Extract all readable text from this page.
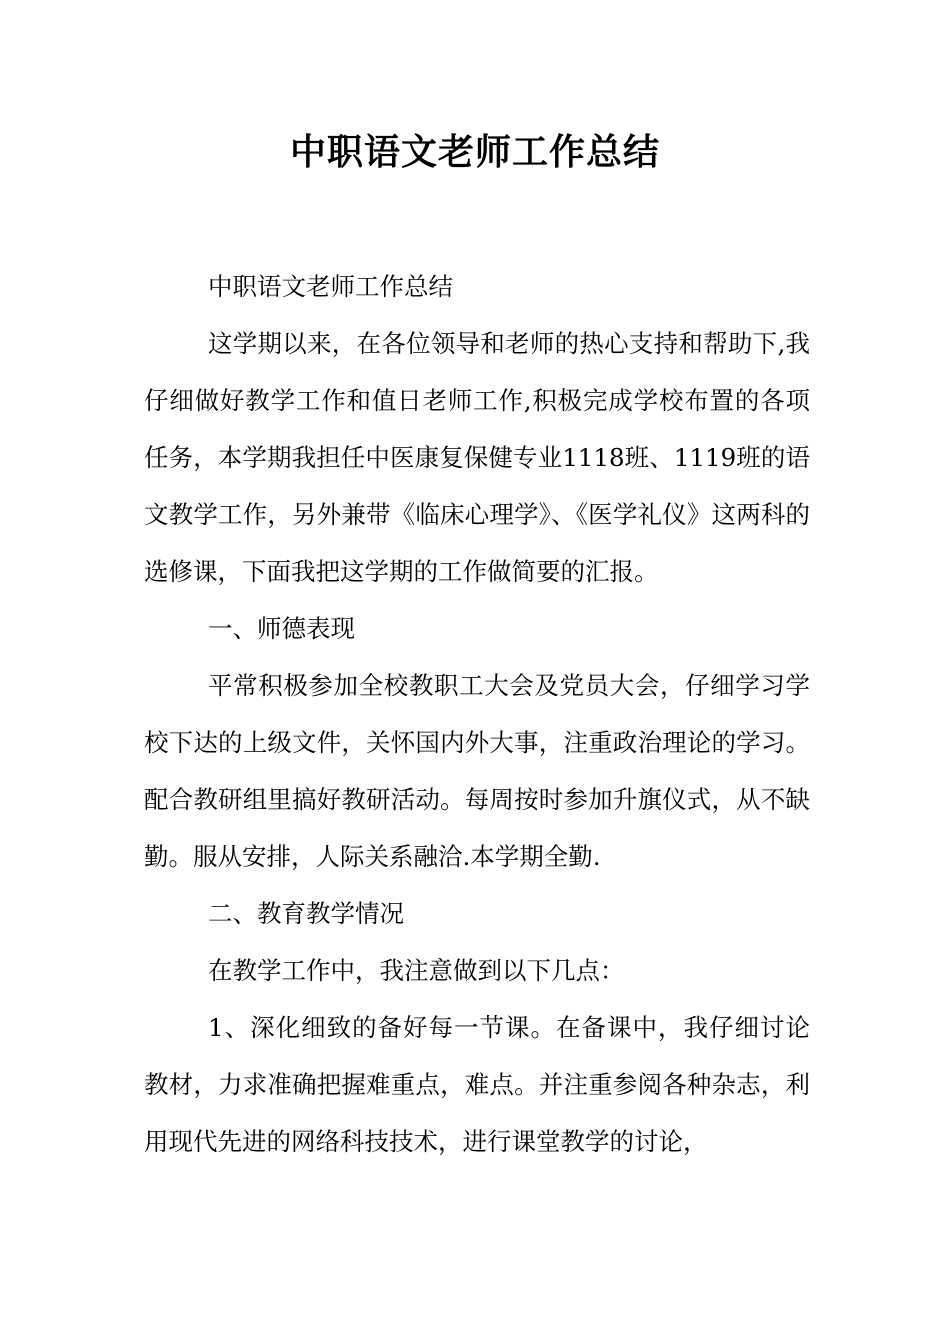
中职语文老师工作总结

中职语文老师工作总结

这学期以来，在各位领导和老师的热心支持和帮助下,我仔细做好教学工作和值日老师工作,积极完成学校布置的各项任务，本学期我担任中医康复保健专业1118班、1119班的语文教学工作，另外兼带《临床心理学》、《医学礼仪》这两科的选修课，下面我把这学期的工作做简要的汇报。

一、师德表现

平常积极参加全校教职工大会及党员大会，仔细学习学校下达的上级文件，关怀国内外大事，注重政治理论的学习。配合教研组里搞好教研活动。每周按时参加升旗仪式，从不缺勤。服从安排，人际关系融洽.本学期全勤.

二、教育教学情况

在教学工作中，我注意做到以下几点：

1、深化细致的备好每一节课。在备课中，我仔细讨论教材，力求准确把握难重点，难点。并注重参阅各种杂志，利用现代先进的网络科技技术，进行课堂教学的讨论，
